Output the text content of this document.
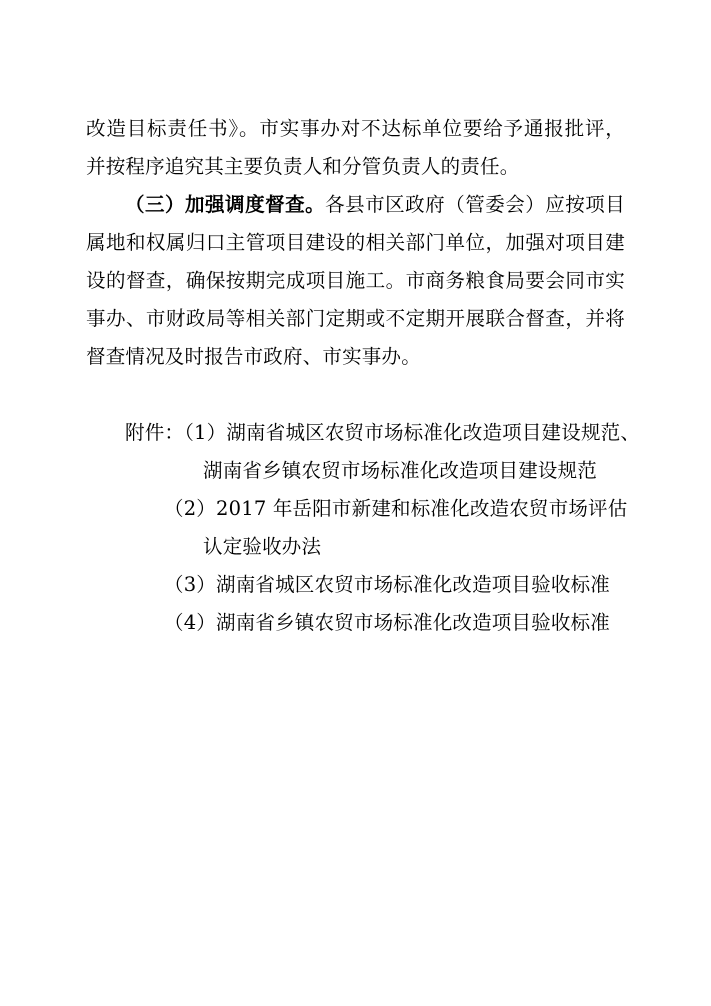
改造目标责任书》。市实事办对不达标单位要给予通报批评，并按程序追究其主要负责人和分管负责人的责任。

（三）加强调度督查。各县市区政府（管委会）应按项目属地和权属归口主管项目建设的相关部门单位，加强对项目建设的督查，确保按期完成项目施工。市商务粮食局要会同市实事办、市财政局等相关部门定期或不定期开展联合督查，并将督查情况及时报告市政府、市实事办。

附件：（1）湖南省城区农贸市场标准化改造项目建设规范、
湖南省乡镇农贸市场标准化改造项目建设规范
（2）2017 年岳阳市新建和标准化改造农贸市场评估
认定验收办法
（3）湖南省城区农贸市场标准化改造项目验收标准
（4）湖南省乡镇农贸市场标准化改造项目验收标准
